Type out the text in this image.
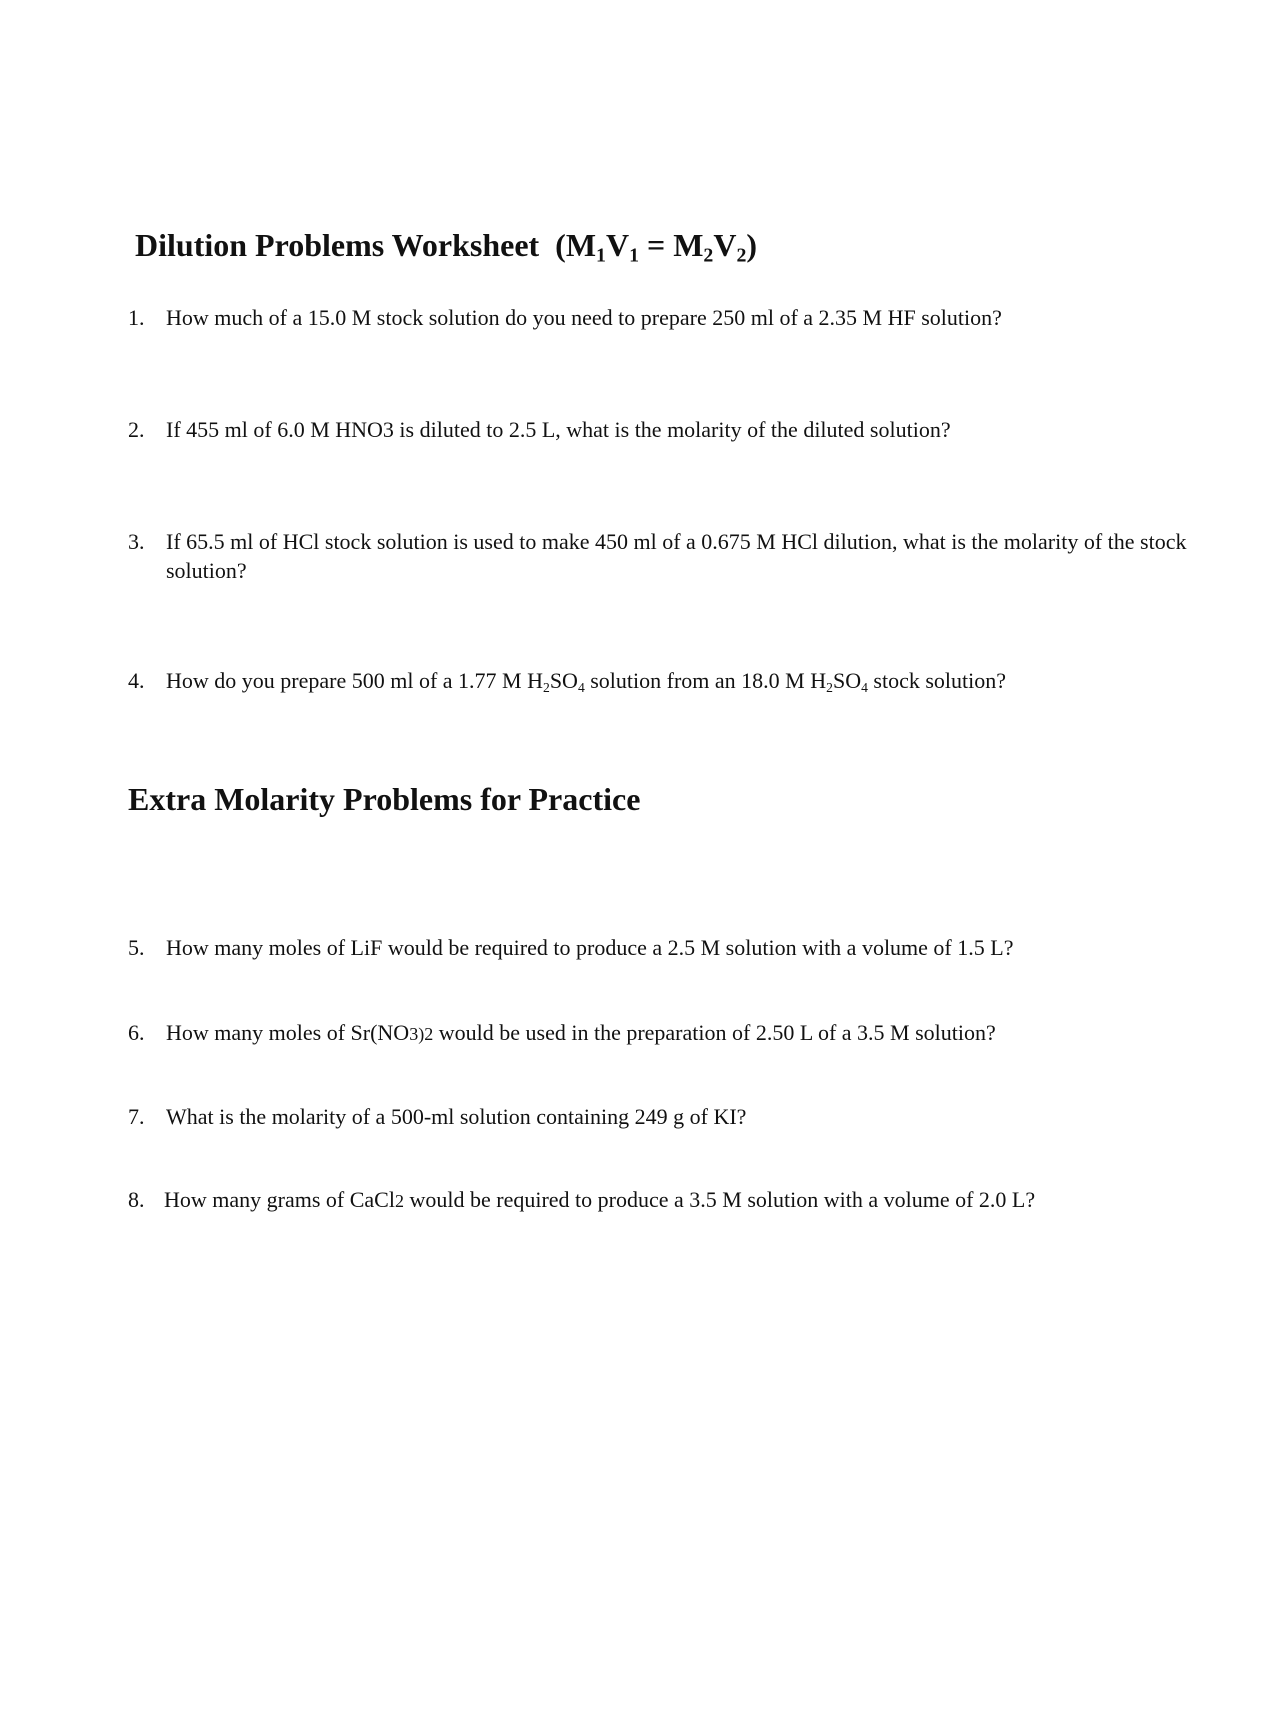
Dilution Problems Worksheet $(M_1V_1 = M_2V_2)$
1. How much of a 15.0 M stock solution do you need to prepare 250 ml of a 2.35 M HF solution?
2. If 455 ml of 6.0 M HNO3 is diluted to 2.5 L, what is the molarity of the diluted solution?
3. If 65.5 ml of HCl stock solution is used to make 450 ml of a 0.675 M HCl dilution, what is the molarity of the stock solution?
4. How do you prepare 500 ml of a 1.77 M $H_2SO_4$ solution from an 18.0 M $H_2SO_4$ stock solution?
Extra Molarity Problems for Practice
5. How many moles of LiF would be required to produce a 2.5 M solution with a volume of 1.5 L?
6. How many moles of Sr(NO3)2 would be used in the preparation of 2.50 L of a 3.5 M solution?
7. What is the molarity of a 500-ml solution containing 249 g of KI?
8. How many grams of CaCl2 would be required to produce a 3.5 M solution with a volume of 2.0 L?
